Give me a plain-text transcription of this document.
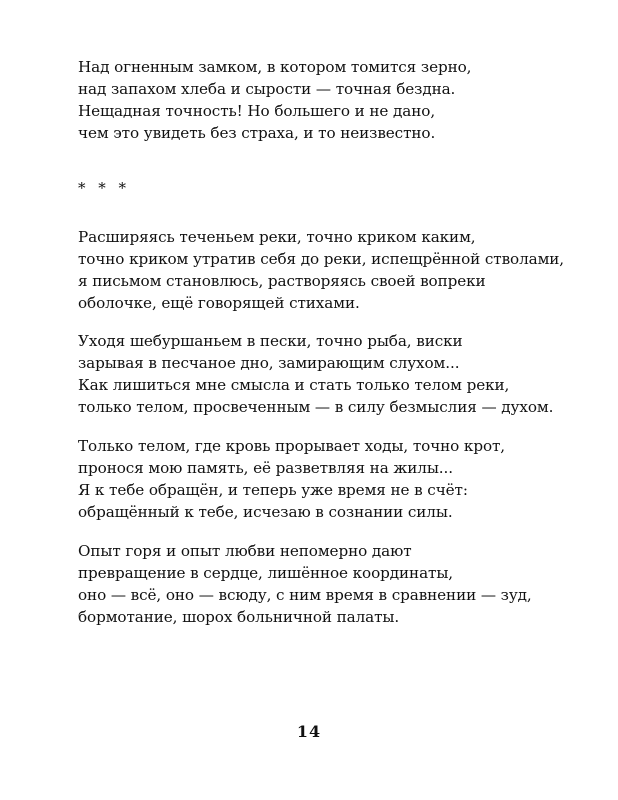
Над огненным замком, в котором томится зерно,
над запахом хлеба и сырости — точная бездна.
Нещадная точность! Но большего и не дано,
чем это увидеть без страха, и то неизвестно.
* * *
Расширяясь теченьем реки, точно криком каким,
точно криком утратив себя до реки, испещрённой стволами,
я письмом становлюсь, растворяясь своей вопреки
оболочке, ещё говорящей стихами.
Уходя шебуршаньем в пески, точно рыба, виски
зарывая в песчаное дно, замирающим слухом...
Как лишиться мне смысла и стать только телом реки,
только телом, просвеченным — в силу безмыслия — духом.
Только телом, где кровь прорывает ходы, точно крот,
пронося мою память, её разветвляя на жилы...
Я к тебе обращён, и теперь уже время не в счёт:
обращённый к тебе, исчезаю в сознании силы.
Опыт горя и опыт любви непомерно дают
превращение в сердце, лишённое координаты,
оно — всё, оно — всюду, с ним время в сравнении — зуд,
бормотание, шорох больничной палаты.
14
